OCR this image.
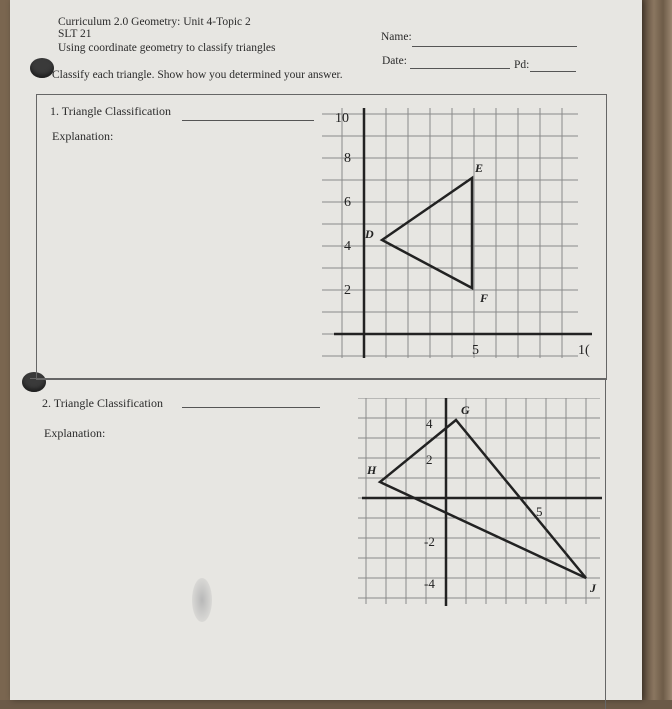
Curriculum 2.0 Geometry: Unit 4-Topic 2
SLT 21
Using coordinate geometry to classify triangles
Classify each triangle. Show how you determined your answer.
Name:
Date:	Pd:
1. Triangle Classification
Explanation:
2. Triangle Classification
Explanation:
10
8
6
4
2
5	1(
D
E
F
4
2
-2
-4
5
G
H
J
